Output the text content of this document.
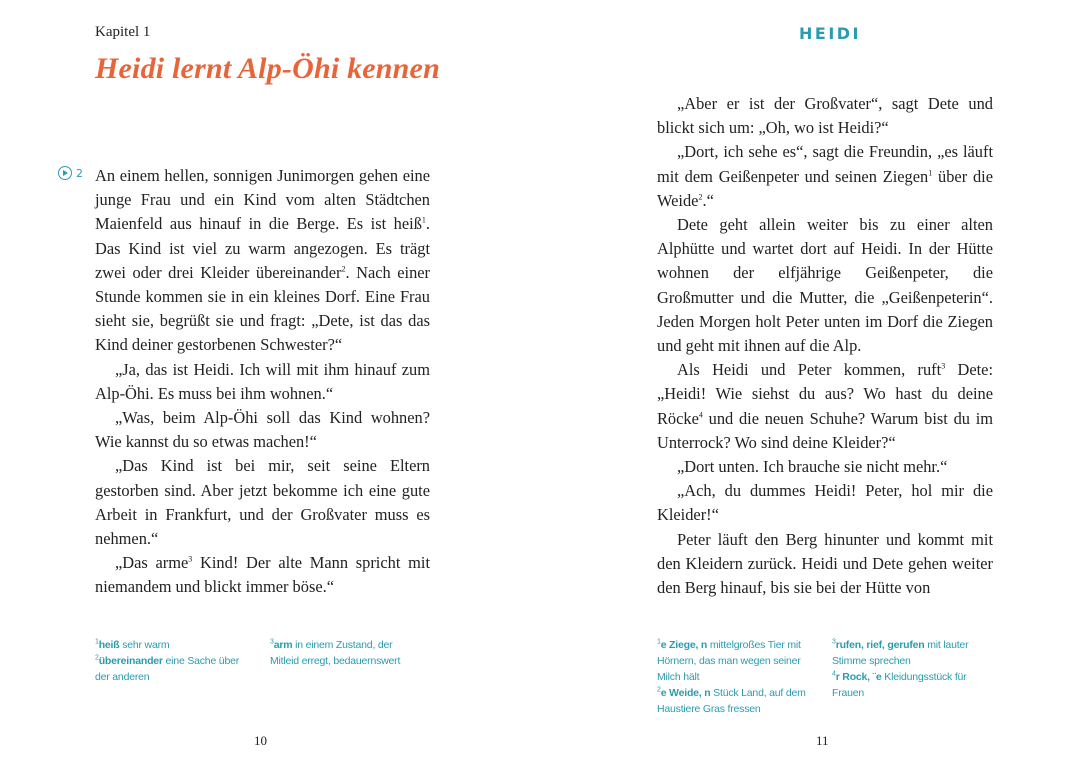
Kapitel 1
Heidi lernt Alp-Öhi kennen
2 An einem hellen, sonnigen Junimorgen gehen eine junge Frau und ein Kind vom alten Städtchen Maienfeld aus hinauf in die Berge. Es ist heiß$^1$. Das Kind ist viel zu warm angezogen. Es trägt zwei oder drei Kleider übereinander$^2$. Nach einer Stunde kommen sie in ein kleines Dorf. Eine Frau sieht sie, begrüßt sie und fragt: „Dete, ist das das Kind deiner gestorbenen Schwester?“

„Ja, das ist Heidi. Ich will mit ihm hinauf zum Alp-Öhi. Es muss bei ihm wohnen.“

„Was, beim Alp-Öhi soll das Kind wohnen? Wie kannst du so etwas machen!“

„Das Kind ist bei mir, seit seine Eltern gestorben sind. Aber jetzt bekomme ich eine gute Arbeit in Frankfurt, und der Großvater muss es nehmen.“

„Das arme$^3$ Kind! Der alte Mann spricht mit niemandem und blickt immer böse.“

$^1$heiß sehr warm
$^2$übereinander eine Sache über der anderen
$^3$arm in einem Zustand, der Mitleid erregt, bedauernswert
10
HEIDI

„Aber er ist der Großvater“, sagt Dete und blickt sich um: „Oh, wo ist Heidi?“

„Dort, ich sehe es“, sagt die Freundin, „es läuft mit dem Geißenpeter und seinen Ziegen$^1$ über die Weide$^2$.“

Dete geht allein weiter bis zu einer alten Alphütte und wartet dort auf Heidi. In der Hütte wohnen der elfjährige Geißenpeter, die Großmutter und die Mutter, die „Geißenpeterin“. Jeden Morgen holt Peter unten im Dorf die Ziegen und geht mit ihnen auf die Alp.

Als Heidi und Peter kommen, ruft$^3$ Dete: „Heidi! Wie siehst du aus? Wo hast du deine Röcke$^4$ und die neuen Schuhe? Warum bist du im Unterrock? Wo sind deine Kleider?“

„Dort unten. Ich brauche sie nicht mehr.“

„Ach, du dummes Heidi! Peter, hol mir die Kleider!“

Peter läuft den Berg hinunter und kommt mit den Kleidern zurück. Heidi und Dete gehen weiter den Berg hinauf, bis sie bei der Hütte von

$^1$e Ziege, n mittelgroßes Tier mit Hörnern, das man wegen seiner Milch hält
$^2$e Weide, n Stück Land, auf dem Haustiere Gras fressen
$^3$rufen, rief, gerufen mit lauter Stimme sprechen
$^4$r Rock, ¨e Kleidungsstück für Frauen
11
